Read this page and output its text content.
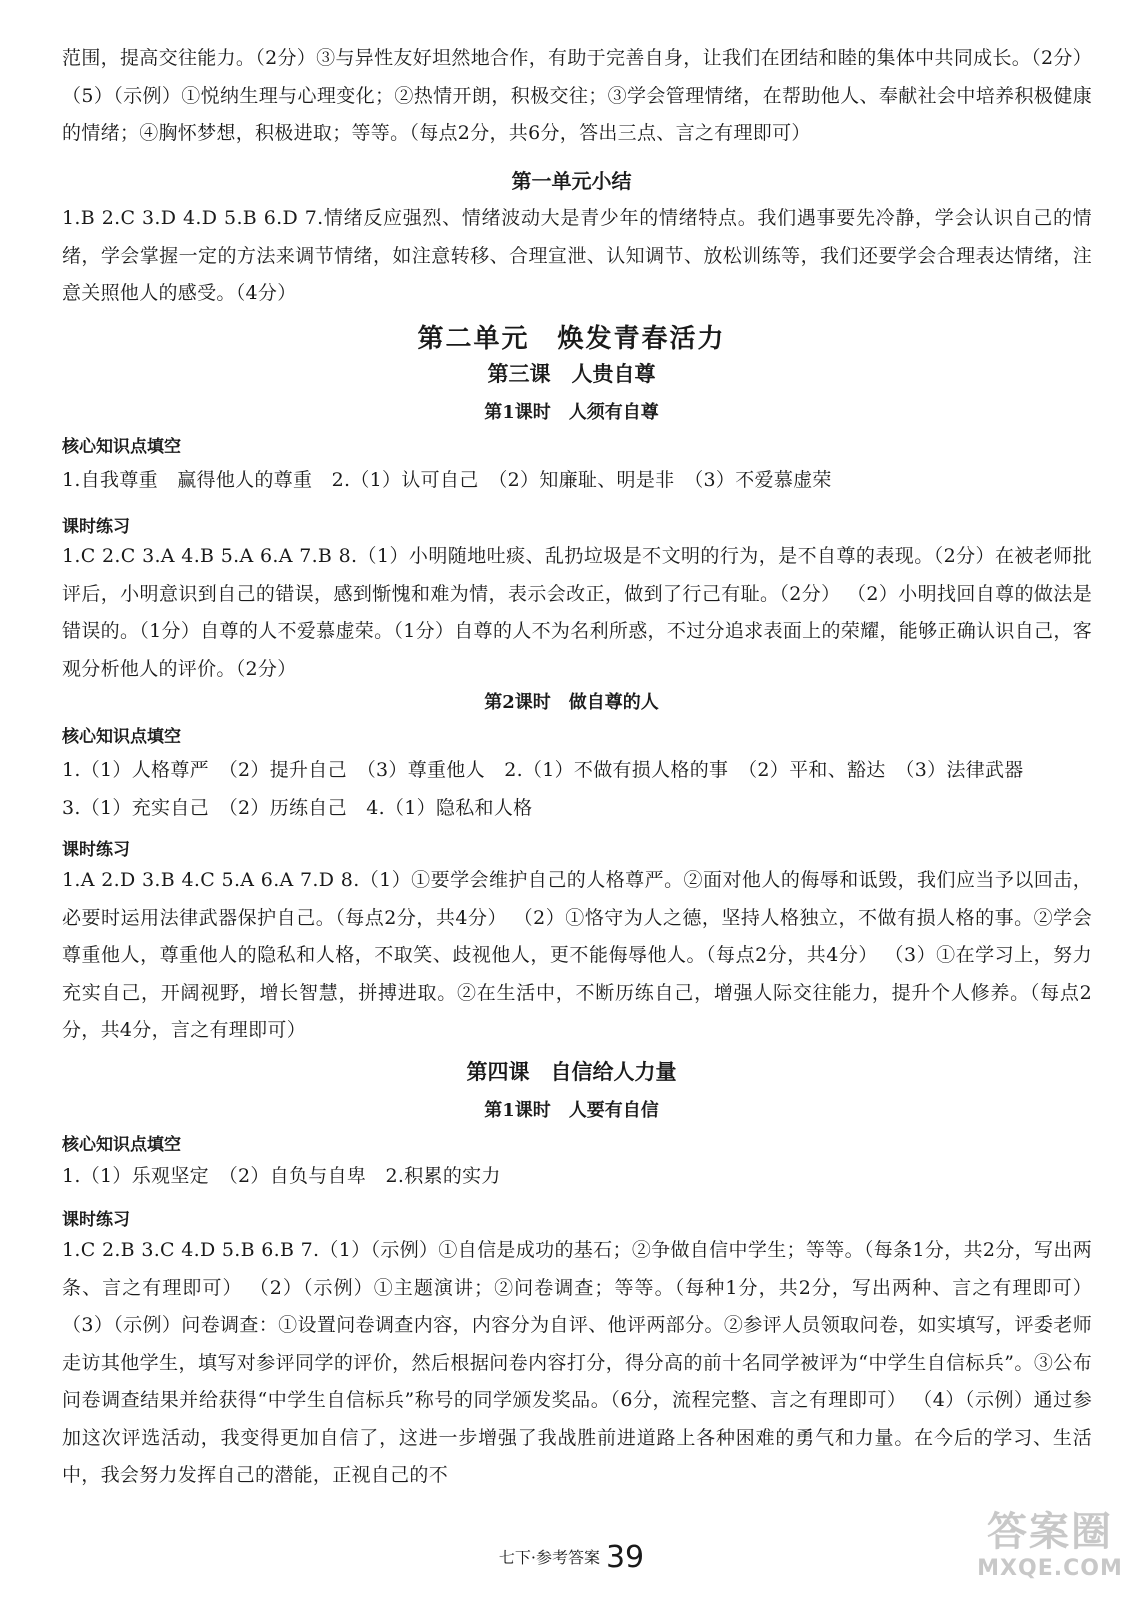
范围，提高交往能力。（2分）③与异性友好坦然地合作，有助于完善自身，让我们在团结和睦的集体中共同成长。（2分） （5）（示例）①悦纳生理与心理变化；②热情开朗，积极交往；③学会管理情绪，在帮助他人、奉献社会中培养积极健康的情绪；④胸怀梦想，积极进取；等等。（每点2分，共6分，答出三点、言之有理即可）

第一单元小结

1.B 2.C 3.D 4.D 5.B 6.D 7.情绪反应强烈、情绪波动大是青少年的情绪特点。我们遇事要先冷静，学会认识自己的情绪，学会掌握一定的方法来调节情绪，如注意转移、合理宣泄、认知调节、放松训练等，我们还要学会合理表达情绪，注意关照他人的感受。（4分）

第二单元　焕发青春活力
第三课　人贵自尊
第1课时　人须有自尊
核心知识点填空

1.自我尊重　赢得他人的尊重　2.（1）认可自己　（2）知廉耻、明是非　（3）不爱慕虚荣

课时练习

1.C 2.C 3.A 4.B 5.A 6.A 7.B 8.（1）小明随地吐痰、乱扔垃圾是不文明的行为，是不自尊的表现。（2分）在被老师批评后，小明意识到自己的错误，感到惭愧和难为情，表示会改正，做到了行己有耻。（2分） （2）小明找回自尊的做法是错误的。（1分）自尊的人不爱慕虚荣。（1分）自尊的人不为名利所惑，不过分追求表面上的荣耀，能够正确认识自己，客观分析他人的评价。（2分）

第2课时　做自尊的人
核心知识点填空

1.（1）人格尊严　（2）提升自己　（3）尊重他人　2.（1）不做有损人格的事　（2）平和、豁达　（3）法律武器

3.（1）充实自己　（2）历练自己　4.（1）隐私和人格

课时练习

1.A 2.D 3.B 4.C 5.A 6.A 7.D 8.（1）①要学会维护自己的人格尊严。②面对他人的侮辱和诋毁，我们应当予以回击，必要时运用法律武器保护自己。（每点2分，共4分） （2）①恪守为人之德，坚持人格独立，不做有损人格的事。②学会尊重他人，尊重他人的隐私和人格，不取笑、歧视他人，更不能侮辱他人。（每点2分，共4分） （3）①在学习上，努力充实自己，开阔视野，增长智慧，拼搏进取。②在生活中，不断历练自己，增强人际交往能力，提升个人修养。（每点2分，共4分，言之有理即可）

第四课　自信给人力量
第1课时　人要有自信
核心知识点填空

1.（1）乐观坚定　（2）自负与自卑　2.积累的实力

课时练习

1.C 2.B 3.C 4.D 5.B 6.B 7.（1）（示例）①自信是成功的基石；②争做自信中学生；等等。（每条1分，共2分，写出两条、言之有理即可） （2）（示例）①主题演讲；②问卷调查；等等。（每种1分，共2分，写出两种、言之有理即可） （3）（示例）问卷调查：①设置问卷调查内容，内容分为自评、他评两部分。②参评人员领取问卷，如实填写，评委老师走访其他学生，填写对参评同学的评价，然后根据问卷内容打分，得分高的前十名同学被评为“中学生自信标兵”。③公布问卷调查结果并给获得“中学生自信标兵”称号的同学颁发奖品。（6分，流程完整、言之有理即可） （4）（示例）通过参加这次评选活动，我变得更加自信了，这进一步增强了我战胜前进道路上各种困难的勇气和力量。在今后的学习、生活中，我会努力发挥自己的潜能，正视自己的不

七下·参考答案 39
答案圈
MXQE.COM
